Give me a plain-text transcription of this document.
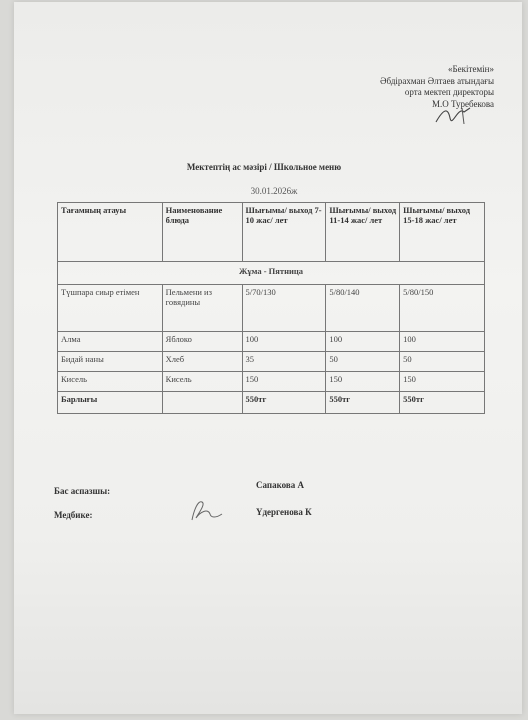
«Бекітемін»
Әбдірахман Әлтаев атындағы
орта мектеп директоры
М.О Туребекова
Мектептің ас мәзірі / Школьное меню
30.01.2026ж
Тағамның атауы	Наименование блюда	Шығымы/ выход 7-10 жас/ лет	Шығымы/ выход 11-14 жас/ лет	Шығымы/ выход 15-18 жас/ лет
Жұма - Пятница				
Түшпара сиыр етімен	Пельмени из говядины	5/70/130	5/80/140	5/80/150
Алма	Яблоко	100	100	100
Бидай наны	Хлеб	35	50	50
Кисель	Кисель	150	150	150
Барлығы		550тг	550тг	550тг
Бас аспазшы:
Сапакова А
Медбике:	Үдергенова К
